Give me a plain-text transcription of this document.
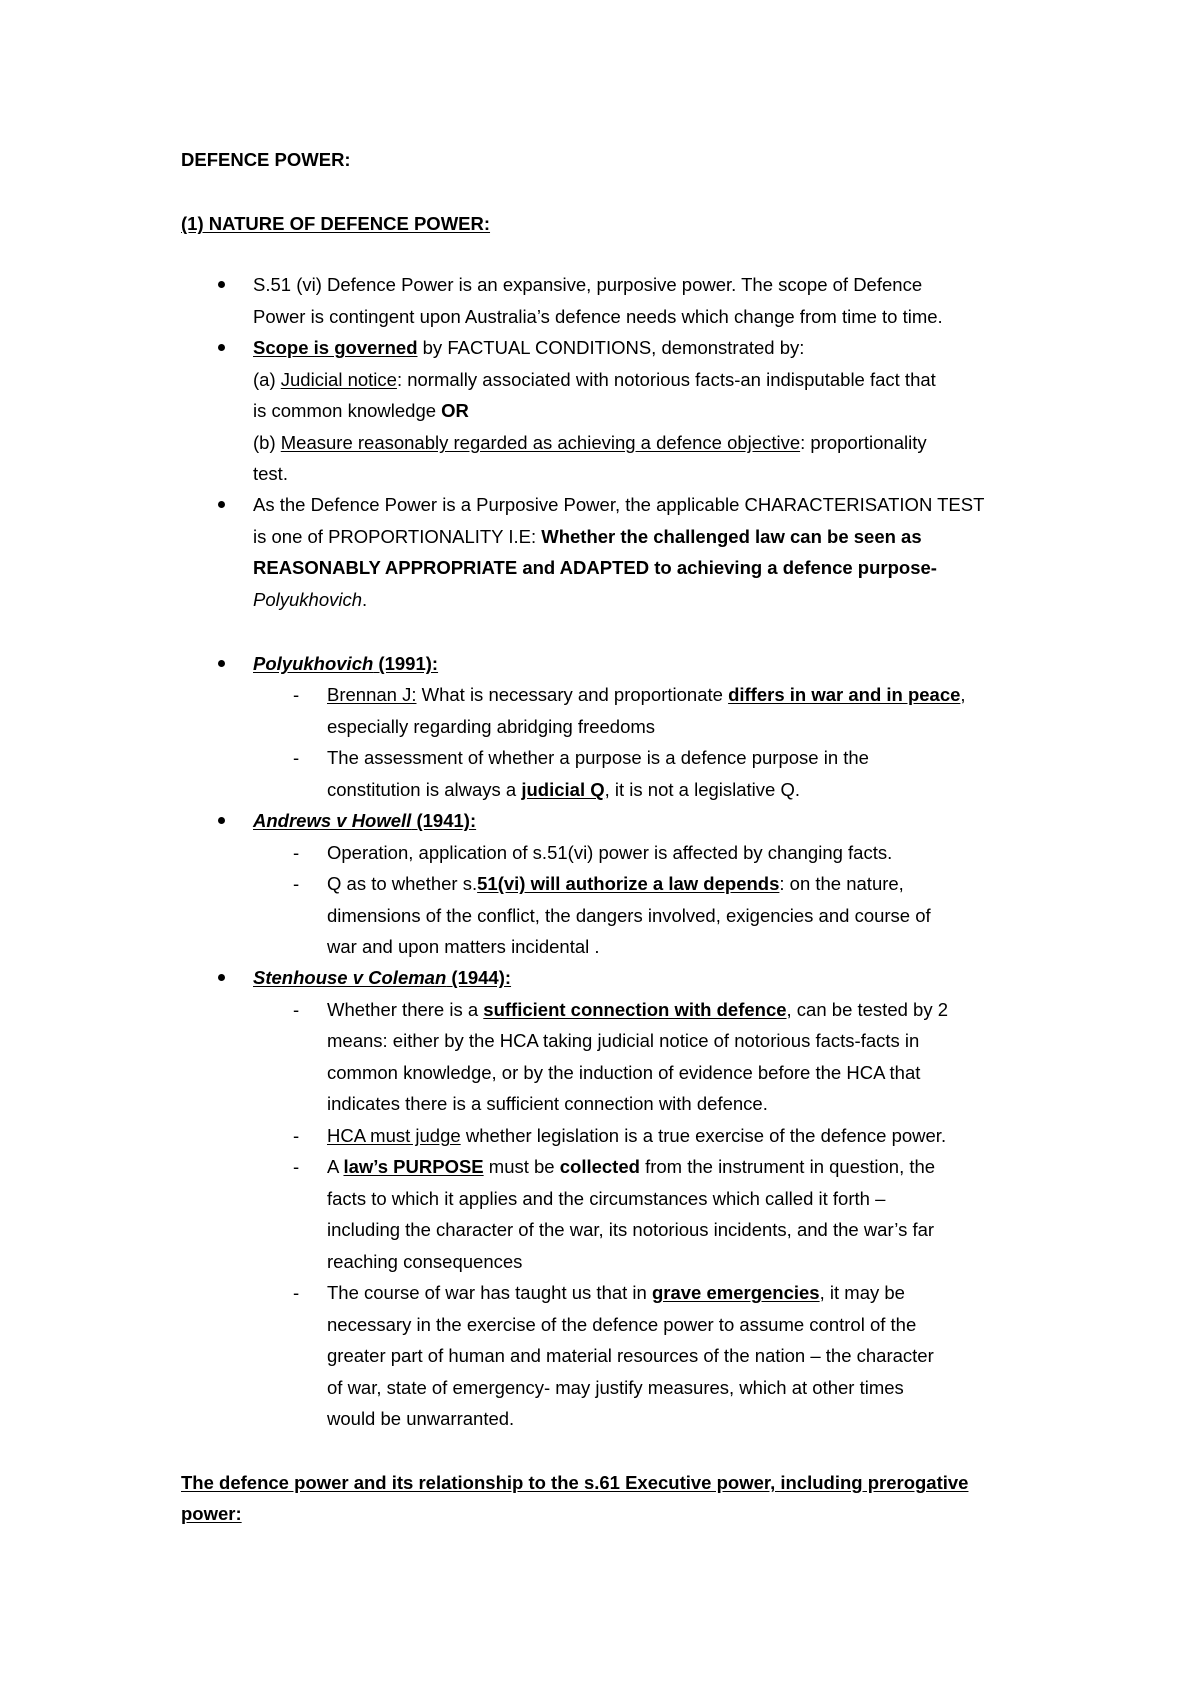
DEFENCE POWER:
(1) NATURE OF DEFENCE POWER:
S.51 (vi) Defence Power is an expansive, purposive power. The scope of Defence
Power is contingent upon Australia’s defence needs which change from time to time.
Scope is governed by FACTUAL CONDITIONS, demonstrated by:
(a) Judicial notice: normally associated with notorious facts-an indisputable fact that
is common knowledge OR
(b) Measure reasonably regarded as achieving a defence objective: proportionality
test.
As the Defence Power is a Purposive Power, the applicable CHARACTERISATION TEST
is one of PROPORTIONALITY I.E: Whether the challenged law can be seen as
REASONABLY APPROPRIATE and ADAPTED to achieving a defence purpose-
Polyukhovich.
Polyukhovich (1991):
- Brennan J: What is necessary and proportionate differs in war and in peace,
especially regarding abridging freedoms
- The assessment of whether a purpose is a defence purpose in the
constitution is always a judicial Q, it is not a legislative Q.
Andrews v Howell (1941):
- Operation, application of s.51(vi) power is affected by changing facts.
- Q as to whether s.51(vi) will authorize a law depends: on the nature,
dimensions of the conflict, the dangers involved, exigencies and course of
war and upon matters incidental .
Stenhouse v Coleman (1944):
- Whether there is a sufficient connection with defence, can be tested by 2
means: either by the HCA taking judicial notice of notorious facts-facts in
common knowledge, or by the induction of evidence before the HCA that
indicates there is a sufficient connection with defence.
- HCA must judge whether legislation is a true exercise of the defence power.
- A law’s PURPOSE must be collected from the instrument in question, the
facts to which it applies and the circumstances which called it forth –
including the character of the war, its notorious incidents, and the war’s far
reaching consequences
- The course of war has taught us that in grave emergencies, it may be
necessary in the exercise of the defence power to assume control of the
greater part of human and material resources of the nation – the character
of war, state of emergency- may justify measures, which at other times
would be unwarranted.
The defence power and its relationship to the s.61 Executive power, including prerogative
power:
